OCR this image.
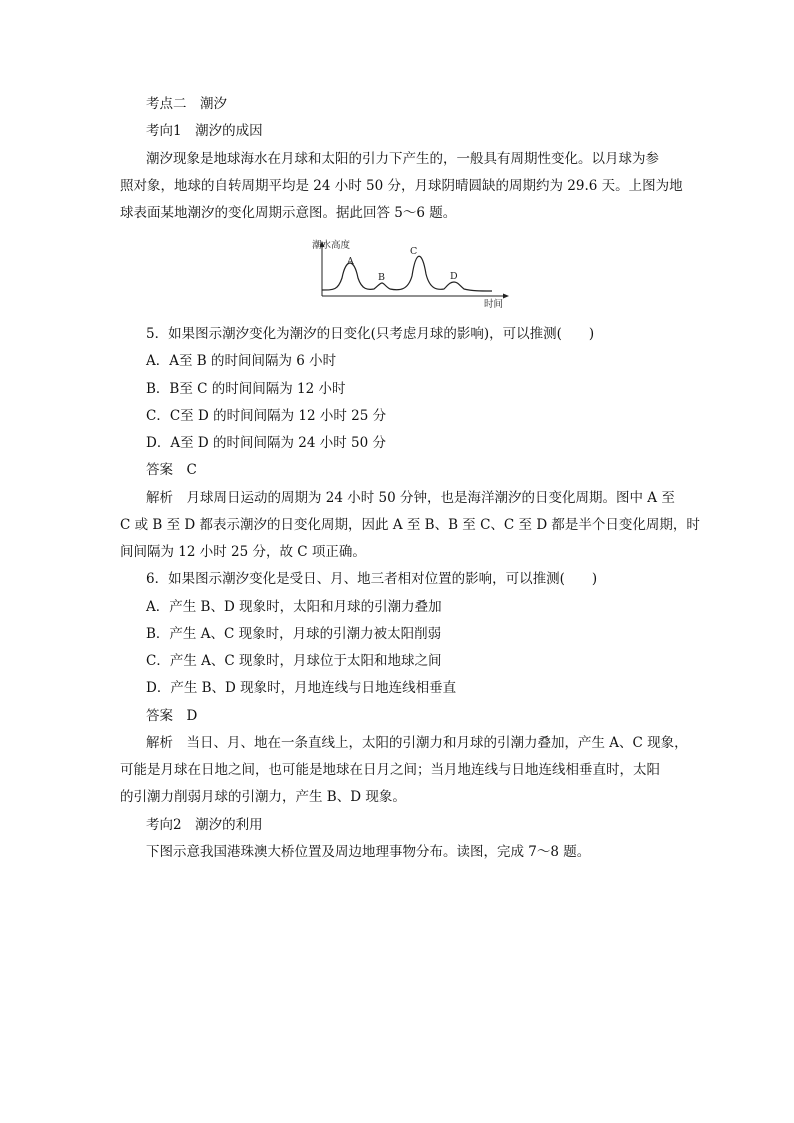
考点二　潮汐
考向1　潮汐的成因
潮汐现象是地球海水在月球和太阳的引力下产生的，一般具有周期性变化。以月球为参
照对象，地球的自转周期平均是 24 小时 50 分，月球阴晴圆缺的周期约为 29.6 天。上图为地
球表面某地潮汐的变化周期示意图。据此回答 5～6 题。
潮水高度
时间
A
B
C
D
5．如果图示潮汐变化为潮汐的日变化(只考虑月球的影响)，可以推测(　　)
A．A至 B 的时间间隔为 6 小时
B．B至 C 的时间间隔为 12 小时
C．C至 D 的时间间隔为 12 小时 25 分
D．A至 D 的时间间隔为 24 小时 50 分
答案　 C
解析　 月球周日运动的周期为 24 小时 50 分钟，也是海洋潮汐的日变化周期。图中 A 至
C 或 B 至 D 都表示潮汐的日变化周期，因此 A 至 B、B 至 C、C 至 D 都是半个日变化周期，时
间间隔为 12 小时 25 分，故 C 项正确。
6．如果图示潮汐变化是受日、月、地三者相对位置的影响，可以推测(　　)
A．产生 B、D 现象时，太阳和月球的引潮力叠加
B．产生 A、C 现象时，月球的引潮力被太阳削弱
C．产生 A、C 现象时，月球位于太阳和地球之间
D．产生 B、D 现象时，月地连线与日地连线相垂直
答案　 D
解析　 当日、月、地在一条直线上，太阳的引潮力和月球的引潮力叠加，产生 A、C 现象，
可能是月球在日地之间，也可能是地球在日月之间；当月地连线与日地连线相垂直时，太阳
的引潮力削弱月球的引潮力，产生 B、D 现象。
考向2　潮汐的利用
下图示意我国港珠澳大桥位置及周边地理事物分布。读图，完成 7～8 题。
